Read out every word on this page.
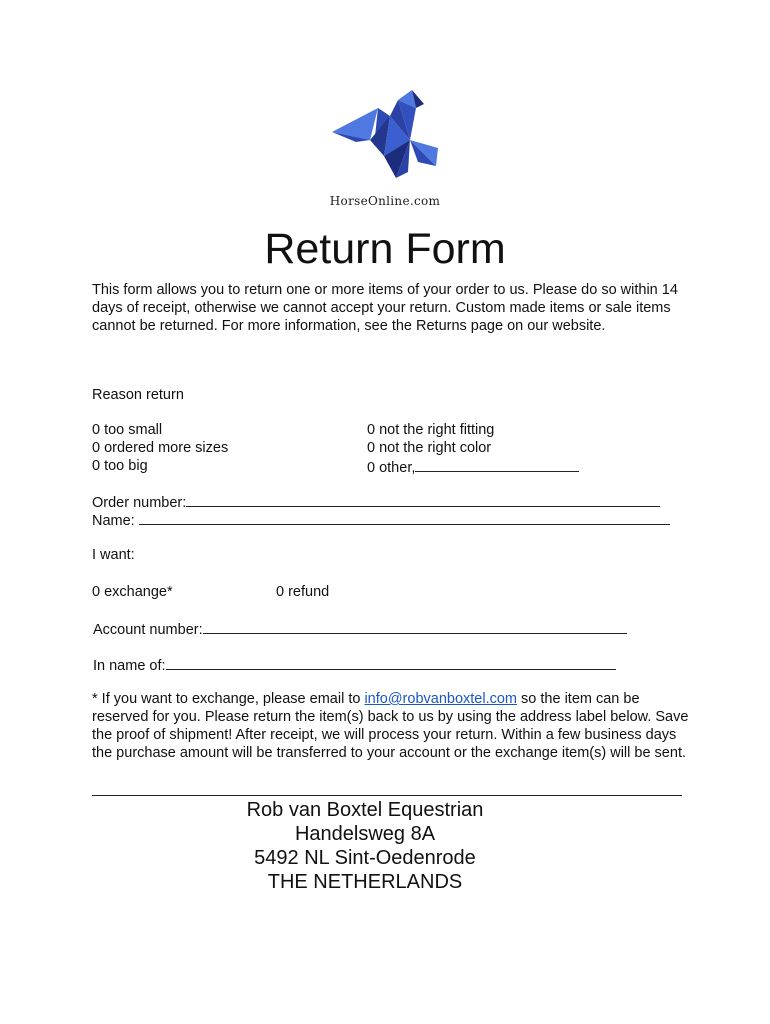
HorseOnline.com
Return Form
This form allows you to return one or more items of your order to us. Please do so within 14 days of receipt, otherwise we cannot accept your return. Custom made items or sale items cannot be returned. For more information, see the Returns page on our website.
Reason return
0 too small
0 ordered more sizes
0 too big
0 not the right fitting
0 not the right color
0 other,
Order number:
Name:
I want:
0 exchange*	0 refund
Account number:
In name of:
* If you want to exchange, please email to info@robvanboxtel.com so the item can be reserved for you. Please return the item(s) back to us by using the address label below. Save the proof of shipment! After receipt, we will process your return. Within a few business days the purchase amount will be transferred to your account or the exchange item(s) will be sent.
Rob van Boxtel Equestrian
Handelsweg 8A
5492 NL Sint-Oedenrode
THE NETHERLANDS
